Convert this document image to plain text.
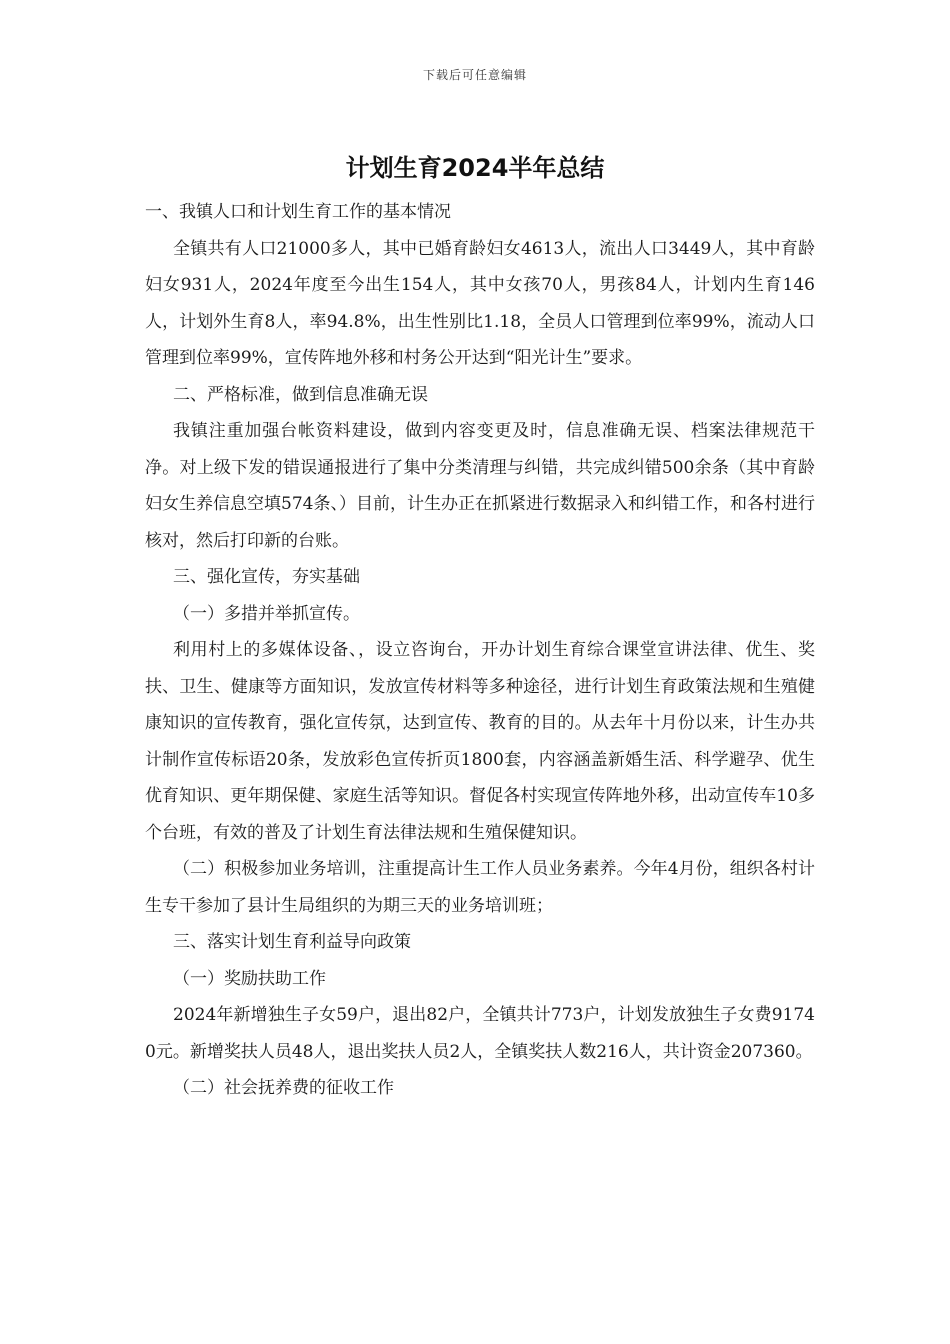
下载后可任意编辑
计划生育2024半年总结

一、我镇人口和计划生育工作的基本情况

全镇共有人口21000多人，其中已婚育龄妇女4613人，流出人口3449人，其中育龄妇女931人，2024年度至今出生154人，其中女孩70人，男孩84人，计划内生育146人，计划外生育8人，率94.8%，出生性别比1.18，全员人口管理到位率99%，流动人口管理到位率99%，宣传阵地外移和村务公开达到“阳光计生”要求。

二、严格标准，做到信息准确无误

我镇注重加强台帐资料建设，做到内容变更及时，信息准确无误、档案法律规范干净。对上级下发的错误通报进行了集中分类清理与纠错，共完成纠错500余条（其中育龄妇女生养信息空填574条、）目前，计生办正在抓紧进行数据录入和纠错工作，和各村进行核对，然后打印新的台账。

三、强化宣传，夯实基础

（一）多措并举抓宣传。

利用村上的多媒体设备、，设立咨询台，开办计划生育综合课堂宣讲法律、优生、奖扶、卫生、健康等方面知识，发放宣传材料等多种途径，进行计划生育政策法规和生殖健康知识的宣传教育，强化宣传氛，达到宣传、教育的目的。从去年十月份以来，计生办共计制作宣传标语20条，发放彩色宣传折页1800套，内容涵盖新婚生活、科学避孕、优生优育知识、更年期保健、家庭生活等知识。督促各村实现宣传阵地外移，出动宣传车10多个台班，有效的普及了计划生育法律法规和生殖保健知识。

（二）积极参加业务培训，注重提高计生工作人员业务素养。今年4月份，组织各村计生专干参加了县计生局组织的为期三天的业务培训班；

三、落实计划生育利益导向政策

（一）奖励扶助工作

2024年新增独生子女59户，退出82户，全镇共计773户，计划发放独生子女费91740元。新增奖扶人员48人，退出奖扶人员2人，全镇奖扶人数216人，共计资金207360。

（二）社会抚养费的征收工作
